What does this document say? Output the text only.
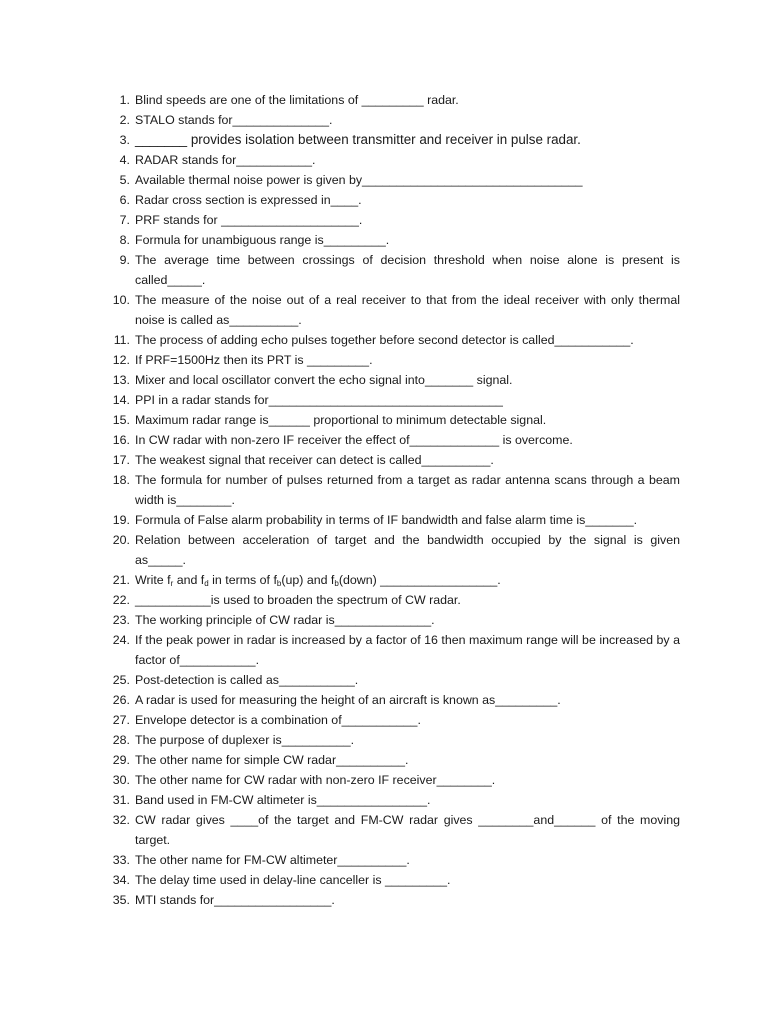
1. Blind speeds are one of the limitations of _________ radar.
2. STALO stands for______________.
3. _______ provides isolation between transmitter and receiver in pulse radar.
4. RADAR stands for___________.
5. Available thermal noise power is given by________________________________
6. Radar cross section is expressed in____.
7. PRF stands for ____________________.
8. Formula for unambiguous range is_________.
9. The average time between crossings of decision threshold when noise alone is present is called_____.
10. The measure of the noise out of a real receiver to that from the ideal receiver with only thermal noise is called as__________.
11. The process of adding echo pulses together before second detector is called___________.
12. If PRF=1500Hz then its PRT is _________.
13. Mixer and local oscillator convert the echo signal into_______ signal.
14. PPI in a radar stands for__________________________________
15. Maximum radar range is______ proportional to minimum detectable signal.
16. In CW radar with non-zero IF receiver the effect of_____________ is overcome.
17. The weakest signal that receiver can detect is called__________.
18. The formula for number of pulses returned from a target as radar antenna scans through a beam width is________.
19. Formula of False alarm probability in terms of IF bandwidth and false alarm time is_______.
20. Relation between acceleration of target and the bandwidth occupied by the signal is given as_____.
21. Write $f_r$ and $f_d$ in terms of $f_b(up)$ and $f_b(down)$ _________________.
22. ___________is used to broaden the spectrum of CW radar.
23. The working principle of CW radar is______________.
24. If the peak power in radar is increased by a factor of 16 then maximum range will be increased by a factor of___________.
25. Post-detection is called as___________.
26. A radar is used for measuring the height of an aircraft is known as_________.
27. Envelope detector is a combination of___________.
28. The purpose of duplexer is__________.
29. The other name for simple CW radar__________.
30. The other name for CW radar with non-zero IF receiver________.
31. Band used in FM-CW altimeter is________________.
32. CW radar gives ____of the target and FM-CW radar gives ________and______ of the moving target.
33. The other name for FM-CW altimeter__________.
34. The delay time used in delay-line canceller is _________.
35. MTI stands for_________________.
